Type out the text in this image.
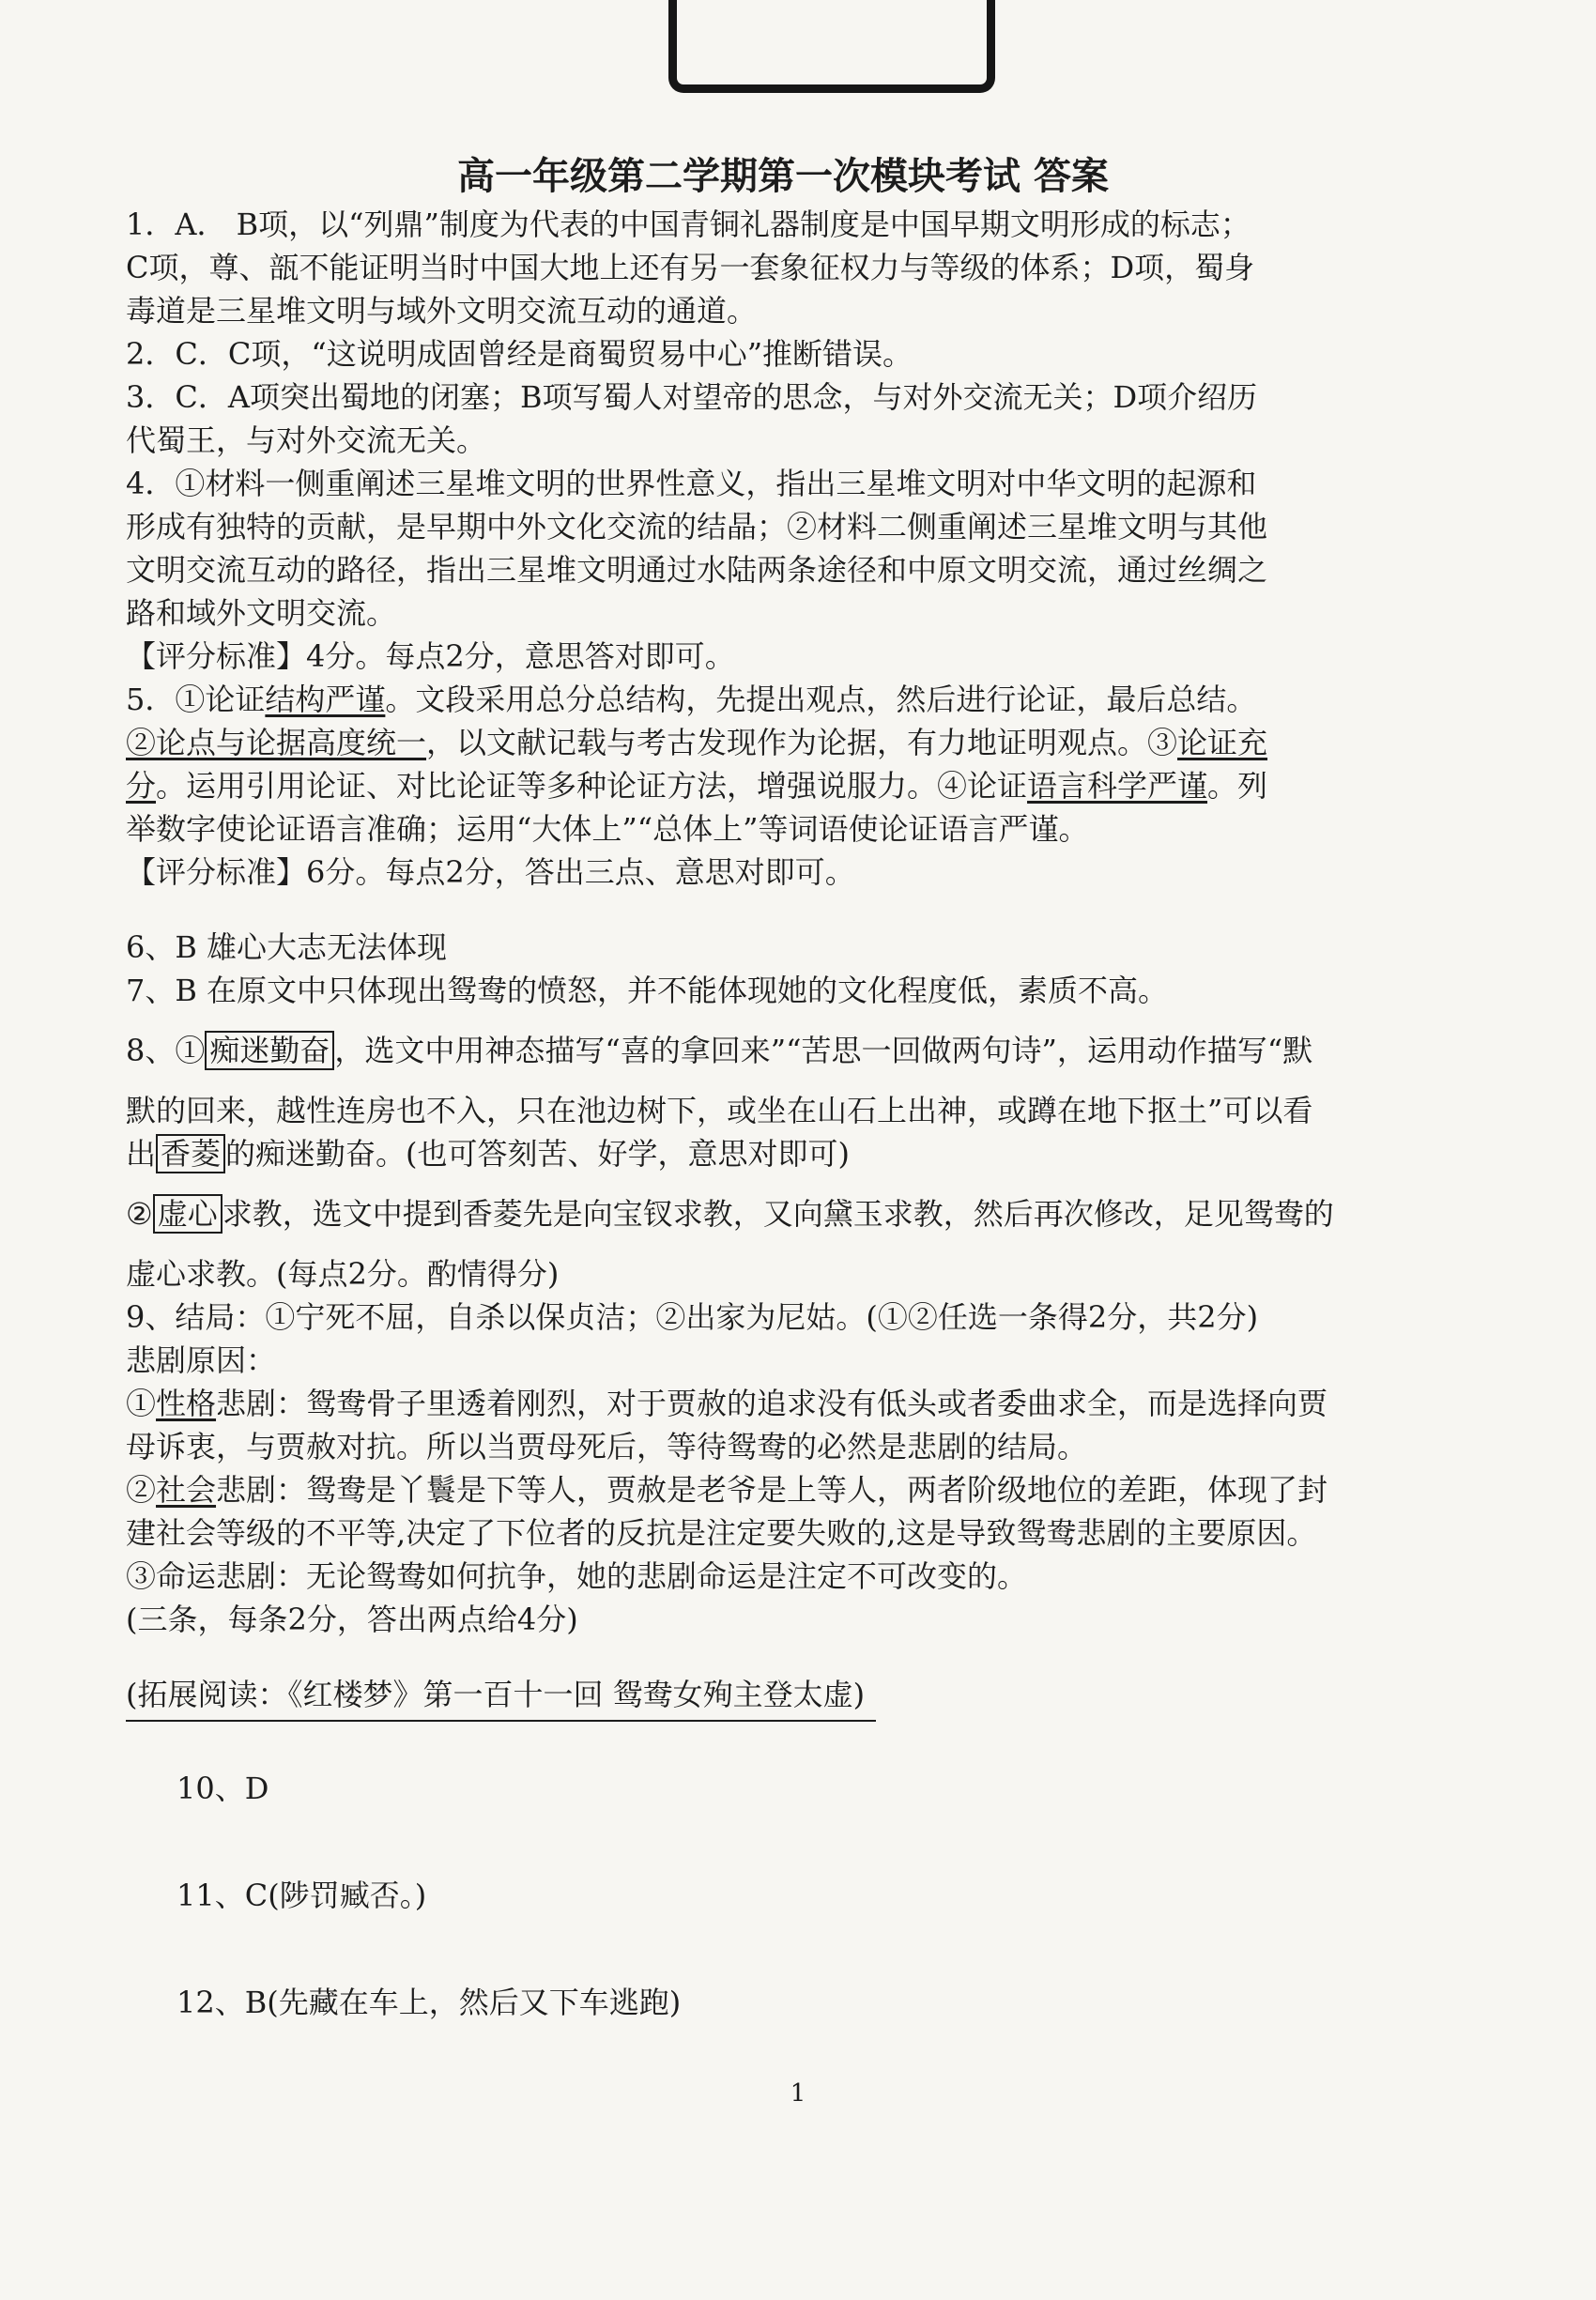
高一年级第二学期第一次模块考试 答案
1．A． B项，以“列鼎”制度为代表的中国青铜礼器制度是中国早期文明形成的标志；
C项，尊、瓿不能证明当时中国大地上还有另一套象征权力与等级的体系；D项，蜀身
毒道是三星堆文明与域外文明交流互动的通道。
2．C．C项，“这说明成固曾经是商蜀贸易中心”推断错误。
3．C．A项突出蜀地的闭塞；B项写蜀人对望帝的思念，与对外交流无关；D项介绍历
代蜀王，与对外交流无关。
4．①材料一侧重阐述三星堆文明的世界性意义，指出三星堆文明对中华文明的起源和
形成有独特的贡献，是早期中外文化交流的结晶；②材料二侧重阐述三星堆文明与其他
文明交流互动的路径，指出三星堆文明通过水陆两条途径和中原文明交流，通过丝绸之
路和域外文明交流。
【评分标准】4分。每点2分，意思答对即可。
5．①论证结构严谨。文段采用总分总结构，先提出观点，然后进行论证，最后总结。
②论点与论据高度统一，以文献记载与考古发现作为论据，有力地证明观点。③论证充
分。运用引用论证、对比论证等多种论证方法，增强说服力。④论证语言科学严谨。列
举数字使论证语言准确；运用“大体上”“总体上”等词语使论证语言严谨。
【评分标准】6分。每点2分，答出三点、意思对即可。
6、B 雄心大志无法体现
7、B 在原文中只体现出鸳鸯的愤怒，并不能体现她的文化程度低，素质不高。
8、① 痴迷勤奋 ，选文中用神态描写“喜的拿回来”“苦思一回做两句诗”，运用动作描写“默
默的回来，越性连房也不入，只在池边树下，或坐在山石上出神，或蹲在地下抠土”可以看
出 香菱 的痴迷勤奋。(也可答刻苦、好学，意思对即可)
② 虚心 求教，选文中提到香菱先是向宝钗求教，又向黛玉求教，然后再次修改，足见鸳鸯的
虚心求教。(每点2分。酌情得分)
9、结局：①宁死不屈，自杀以保贞洁；②出家为尼姑。(①②任选一条得2分，共2分)
悲剧原因：
①性格悲剧：鸳鸯骨子里透着刚烈，对于贾赦的追求没有低头或者委曲求全，而是选择向贾
母诉衷，与贾赦对抗。所以当贾母死后，等待鸳鸯的必然是悲剧的结局。
②社会悲剧：鸳鸯是丫鬟是下等人，贾赦是老爷是上等人，两者阶级地位的差距，体现了封
建社会等级的不平等,决定了下位者的反抗是注定要失败的,这是导致鸳鸯悲剧的主要原因。
③命运悲剧：无论鸳鸯如何抗争，她的悲剧命运是注定不可改变的。
(三条，每条2分，答出两点给4分)
(拓展阅读：《红楼梦》第一百十一回 鸳鸯女殉主登太虚)
10、D
11、C(陟罚臧否。)
12、B(先藏在车上，然后又下车逃跑)
1
